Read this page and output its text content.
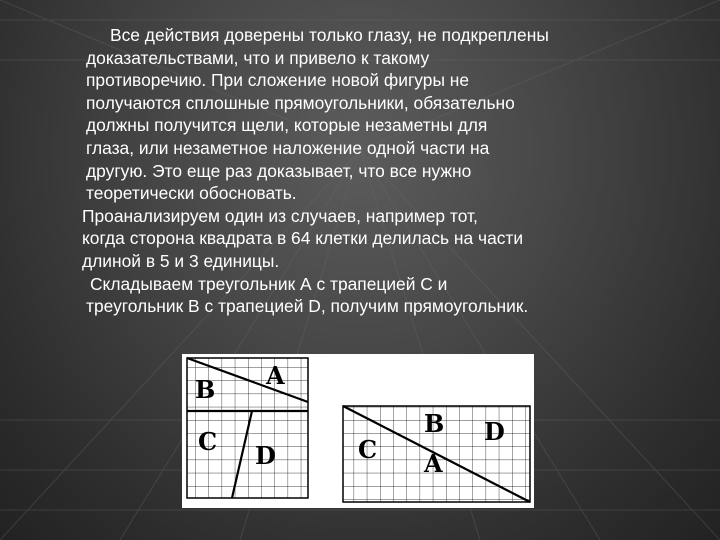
Все действия доверены только глазу, не подкреплены
доказательствами, что и привело к такому
противоречию. При сложение новой фигуры не
получаются сплошные прямоугольники, обязательно
должны получится щели, которые незаметны для
глаза, или незаметное наложение одной части на
другую. Это еще раз доказывает, что все нужно
теоретически обосновать.

Проанализируем один из случаев, например тот,
когда сторона квадрата в 64 клетки делилась на части
длиной в 5 и 3 единицы.

Складываем треугольник А с трапецией С и
треугольник В с трапецией D, получим прямоугольник.

A
B
C D
B
A
C
D
